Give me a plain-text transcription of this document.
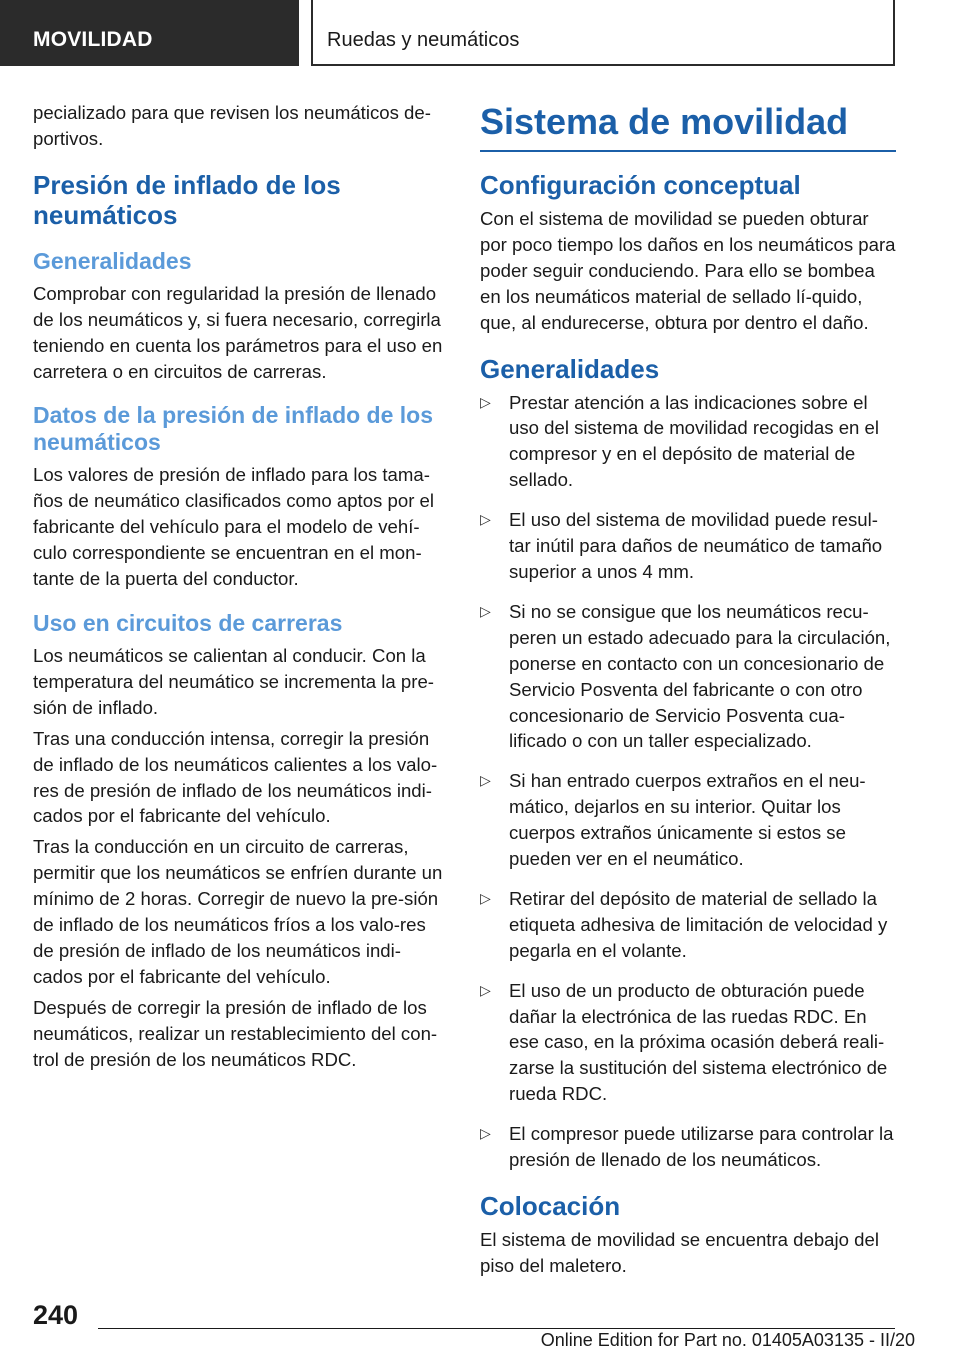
MOVILIDAD	Ruedas y neumáticos

pecializado para que revisen los neumáticos de-portivos.

Presión de inflado de los neumáticos
Generalidades

Comprobar con regularidad la presión de llenado de los neumáticos y, si fuera necesario, corregirla teniendo en cuenta los parámetros para el uso en carretera o en circuitos de carreras.

Datos de la presión de inflado de los neumáticos

Los valores de presión de inflado para los tama-ños de neumático clasificados como aptos por el fabricante del vehículo para el modelo de vehí-culo correspondiente se encuentran en el mon-tante de la puerta del conductor.

Uso en circuitos de carreras

Los neumáticos se calientan al conducir. Con la temperatura del neumático se incrementa la pre-sión de inflado.

Tras una conducción intensa, corregir la presión de inflado de los neumáticos calientes a los valo-res de presión de inflado de los neumáticos indi-cados por el fabricante del vehículo.

Tras la conducción en un circuito de carreras, permitir que los neumáticos se enfríen durante un mínimo de 2 horas. Corregir de nuevo la pre-sión de inflado de los neumáticos fríos a los valo-res de presión de inflado de los neumáticos indi-cados por el fabricante del vehículo.

Después de corregir la presión de inflado de los neumáticos, realizar un restablecimiento del con-trol de presión de los neumáticos RDC.

Sistema de movilidad
Configuración conceptual

Con el sistema de movilidad se pueden obturar por poco tiempo los daños en los neumáticos para poder seguir conduciendo. Para ello se bombea en los neumáticos material de sellado lí-quido, que, al endurecerse, obtura por dentro el daño.

Generalidades
▷ Prestar atención a las indicaciones sobre el uso del sistema de movilidad recogidas en el compresor y en el depósito de material de sellado.
▷ El uso del sistema de movilidad puede resul-tar inútil para daños de neumático de tamaño superior a unos 4 mm.
▷ Si no se consigue que los neumáticos recu-peren un estado adecuado para la circulación, ponerse en contacto con un concesionario de Servicio Posventa del fabricante o con otro concesionario de Servicio Posventa cua-lificado o con un taller especializado.
▷ Si han entrado cuerpos extraños en el neu-mático, dejarlos en su interior. Quitar los cuerpos extraños únicamente si estos se pueden ver en el neumático.
▷ Retirar del depósito de material de sellado la etiqueta adhesiva de limitación de velocidad y pegarla en el volante.
▷ El uso de un producto de obturación puede dañar la electrónica de las ruedas RDC. En ese caso, en la próxima ocasión deberá reali-zarse la sustitución del sistema electrónico de rueda RDC.
▷ El compresor puede utilizarse para controlar la presión de llenado de los neumáticos.
Colocación

El sistema de movilidad se encuentra debajo del piso del maletero.

240
Online Edition for Part no. 01405A03135 - II/20
